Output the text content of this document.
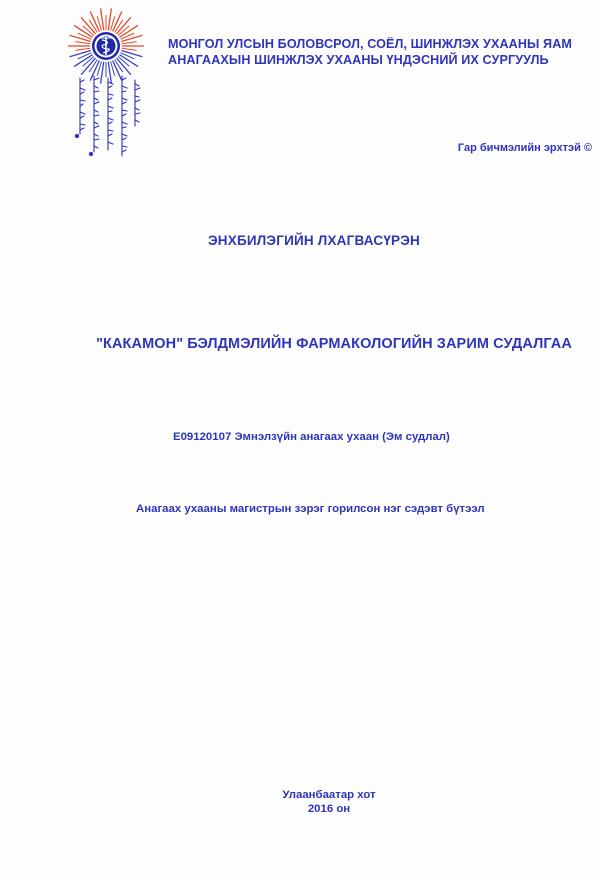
МОНГОЛ УЛСЫН БОЛОВСРОЛ, СОЁЛ, ШИНЖЛЭХ УХААНЫ ЯАМ
АНАГААХЫН ШИНЖЛЭХ УХААНЫ ҮНДЭСНИЙ ИХ СУРГУУЛЬ
Гар бичмэлийн эрхтэй ©
ЭНХБИЛЭГИЙН ЛХАГВАСҮРЭН
"КАКАМОН" БЭЛДМЭЛИЙН ФАРМАКОЛОГИЙН ЗАРИМ СУДАЛГАА
E09120107 Эмнэлзүйн анагаах ухаан (Эм судлал)
Анагаах ухааны магистрын зэрэг горилсон нэг сэдэвт бүтээл
Улаанбаатар хот
2016 он
